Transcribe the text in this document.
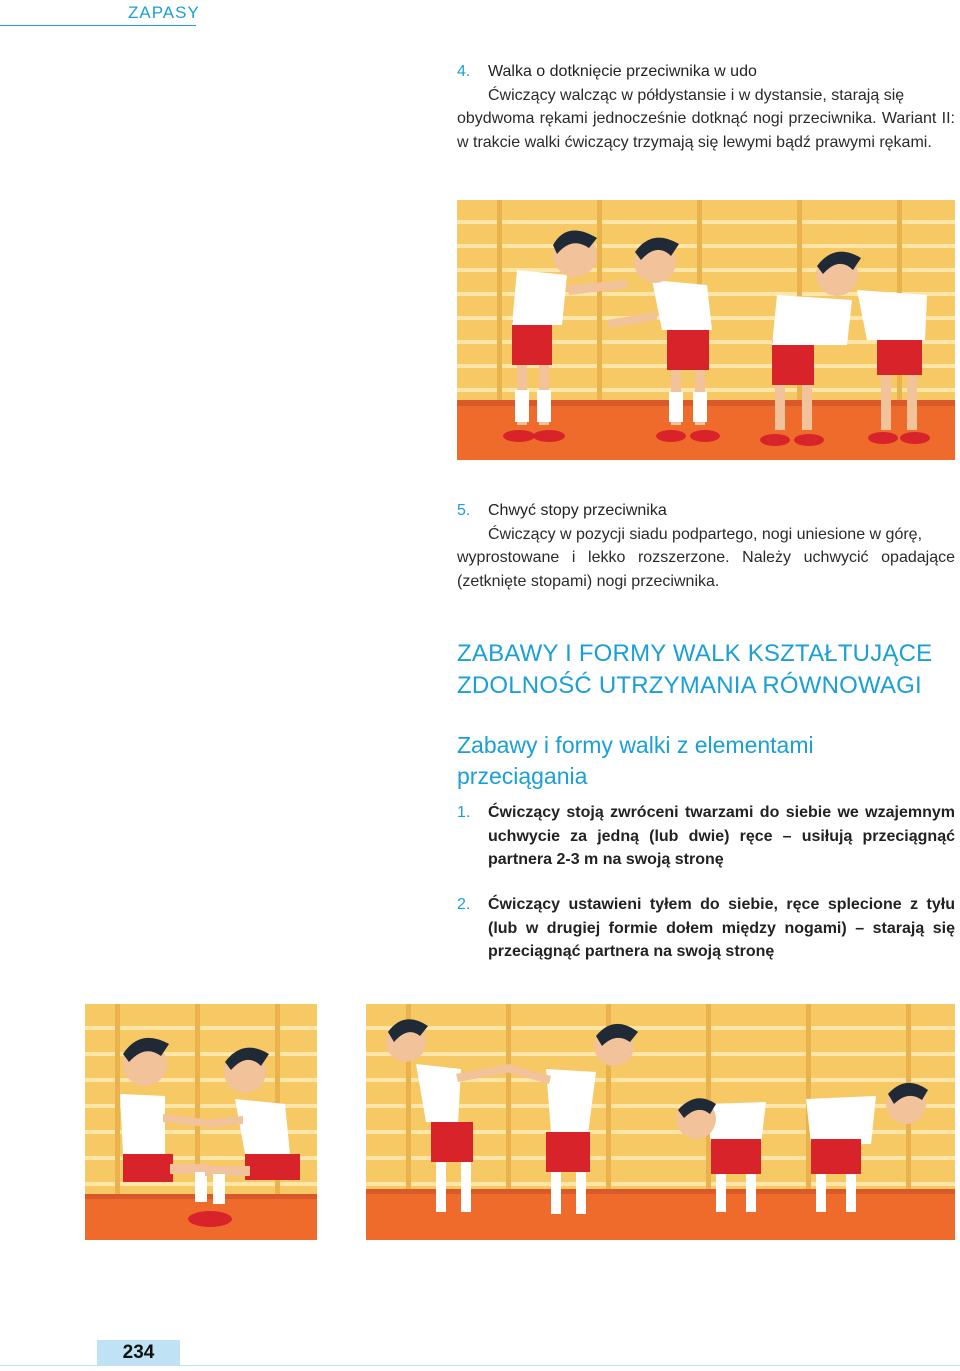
ZAPASY
4. Walka o dotknięcie przeciwnika w udo
Ćwiczący walcząc w półdystansie i w dystansie, starają się
obydwoma rękami jednocześnie dotknąć nogi przeciwnika. Wariant II: w trakcie walki ćwiczący trzymają się lewymi bądź prawymi rękami.
5. Chwyć stopy przeciwnika
Ćwiczący w pozycji siadu podpartego, nogi uniesione w górę,
wyprostowane i lekko rozszerzone. Należy uchwycić opadające (zetknięte stopami) nogi przeciwnika.
ZABAWY I FORMY WALK KSZTAŁTUJĄCE
ZDOLNOŚĆ UTRZYMANIA RÓWNOWAGI
Zabawy i formy walki z elementami
przeciągania
1. Ćwiczący stoją zwróceni twarzami do siebie we wzajemnym uchwycie za jedną (lub dwie) ręce – usiłują przeciągnąć partnera 2-3 m na swoją stronę
2. Ćwiczący ustawieni tyłem do siebie, ręce splecione z tyłu (lub w drugiej formie dołem między nogami) – starają się przeciągnąć partnera na swoją stronę
234
